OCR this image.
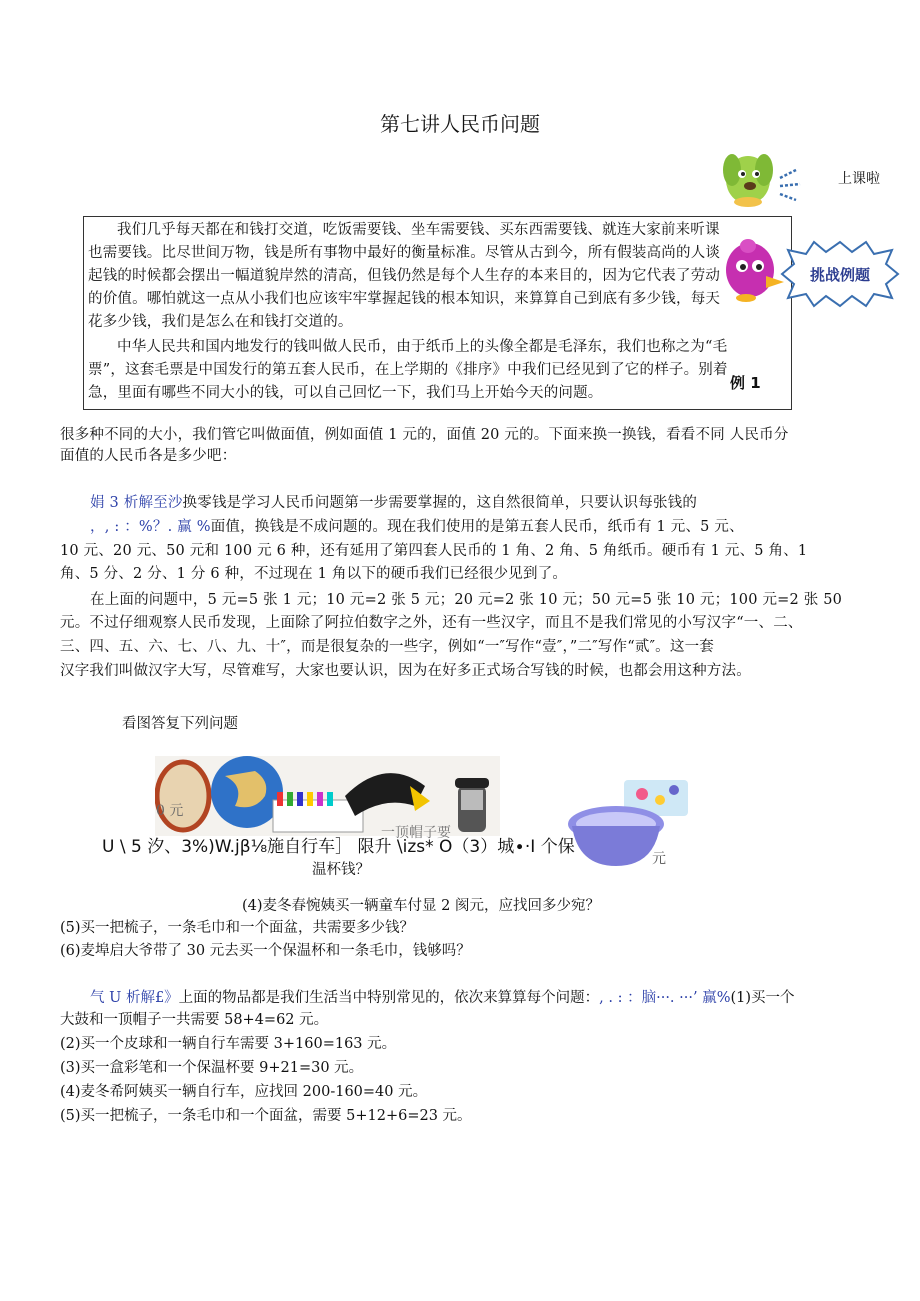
第七讲人民币问题
上课啦

我们几乎每天都在和钱打交道，吃饭需要钱、坐车需要钱、买东西需要钱、就连大家前来听课也需要钱。比尽世间万物，钱是所有事物中最好的衡量标准。尽管从古到今，所有假装高尚的人谈起钱的时候都会摆出一幅道貌岸然的清高，但钱仍然是每个人生存的本来目的，因为它代表了劳动的价值。哪怕就这一点从小我们也应该牢牢掌握起钱的根本知识，来算算自己到底有多少钱，每天花多少钱，我们是怎么在和钱打交道的。

中华人民共和国内地发行的钱叫做人民币，由于纸币上的头像全都是毛泽东，我们也称之为“毛票”，这套毛票是中国发行的第五套人民币，在上学期的《排序》中我们已经见到了它的样子。别着急，里面有哪些不同大小的钱，可以自己回忆一下，我们马上开始今天的问题。

挑战例题
例 1

很多种不同的大小，我们管它叫做面值，例如面值 1 元的，面值 20 元的。下面来换一换钱，看看不同 人民币分

面值的人民币各是多少吧：

娟 3 析解至沙换零钱是学习人民币问题第一步需要掌握的，这自然很简单，只要认识每张钱的

，, : ：%？. 赢 %面值，换钱是不成问题的。现在我们使用的是第五套人民币，纸币有 1 元、5 元、

10 元、20 元、50 元和 100 元 6 种，还有延用了第四套人民币的 1 角、2 角、5 角纸币。硬币有 1 元、5 角、1

角、5 分、2 分、1 分 6 种，不过现在 1 角以下的硬币我们已经很少见到了。

在上面的问题中，5 元=5 张 1 元；10 元=2 张 5 元；20 元=2 张 10 元；50 元=5 张 10 元；100 元=2 张 50

元。不过仔细观察人民币发现，上面除了阿拉伯数字之外，还有一些汉字，而且不是我们常见的小写汉字“一、二、

三、四、五、六、七、八、九、十″，而是很复杂的一些字，例如“一″写作“壹″，”二″写作“贰″。这一套

汉字我们叫做汉字大写，尽管难写，大家也要认识，因为在好多正式场合写钱的时候，也都会用这种方法。

看图答复下列问题

0 元
一顶帽子要
元

U \ 5 汐、3%)W.jβ⅛施自行车］ 限升 \izs* O（3）城∙·I 个保

温杯钱？

(4)麦冬春惋姨买一辆童车付显 2 阂元，应找回多少宛？

(5)买一把梳子，一条毛巾和一个面盆，共需要多少钱？

(6)麦埠启大爷带了 30 元去买一个保温杯和一条毛巾，钱够吗？

气 U 析解£》上面的物品都是我们生活当中特别常见的，依次来算算每个问题：, . : ：脑···. ···’ 赢%(1)买一个

大鼓和一顶帽子一共需要 58+4=62 元。

(2)买一个皮球和一辆自行车需要 3+160=163 元。

(3)买一盒彩笔和一个保温杯要 9+21=30 元。

(4)麦冬希阿姨买一辆自行车，应找回 200-160=40 元。

(5)买一把梳子，一条毛巾和一个面盆，需要 5+12+6=23 元。
